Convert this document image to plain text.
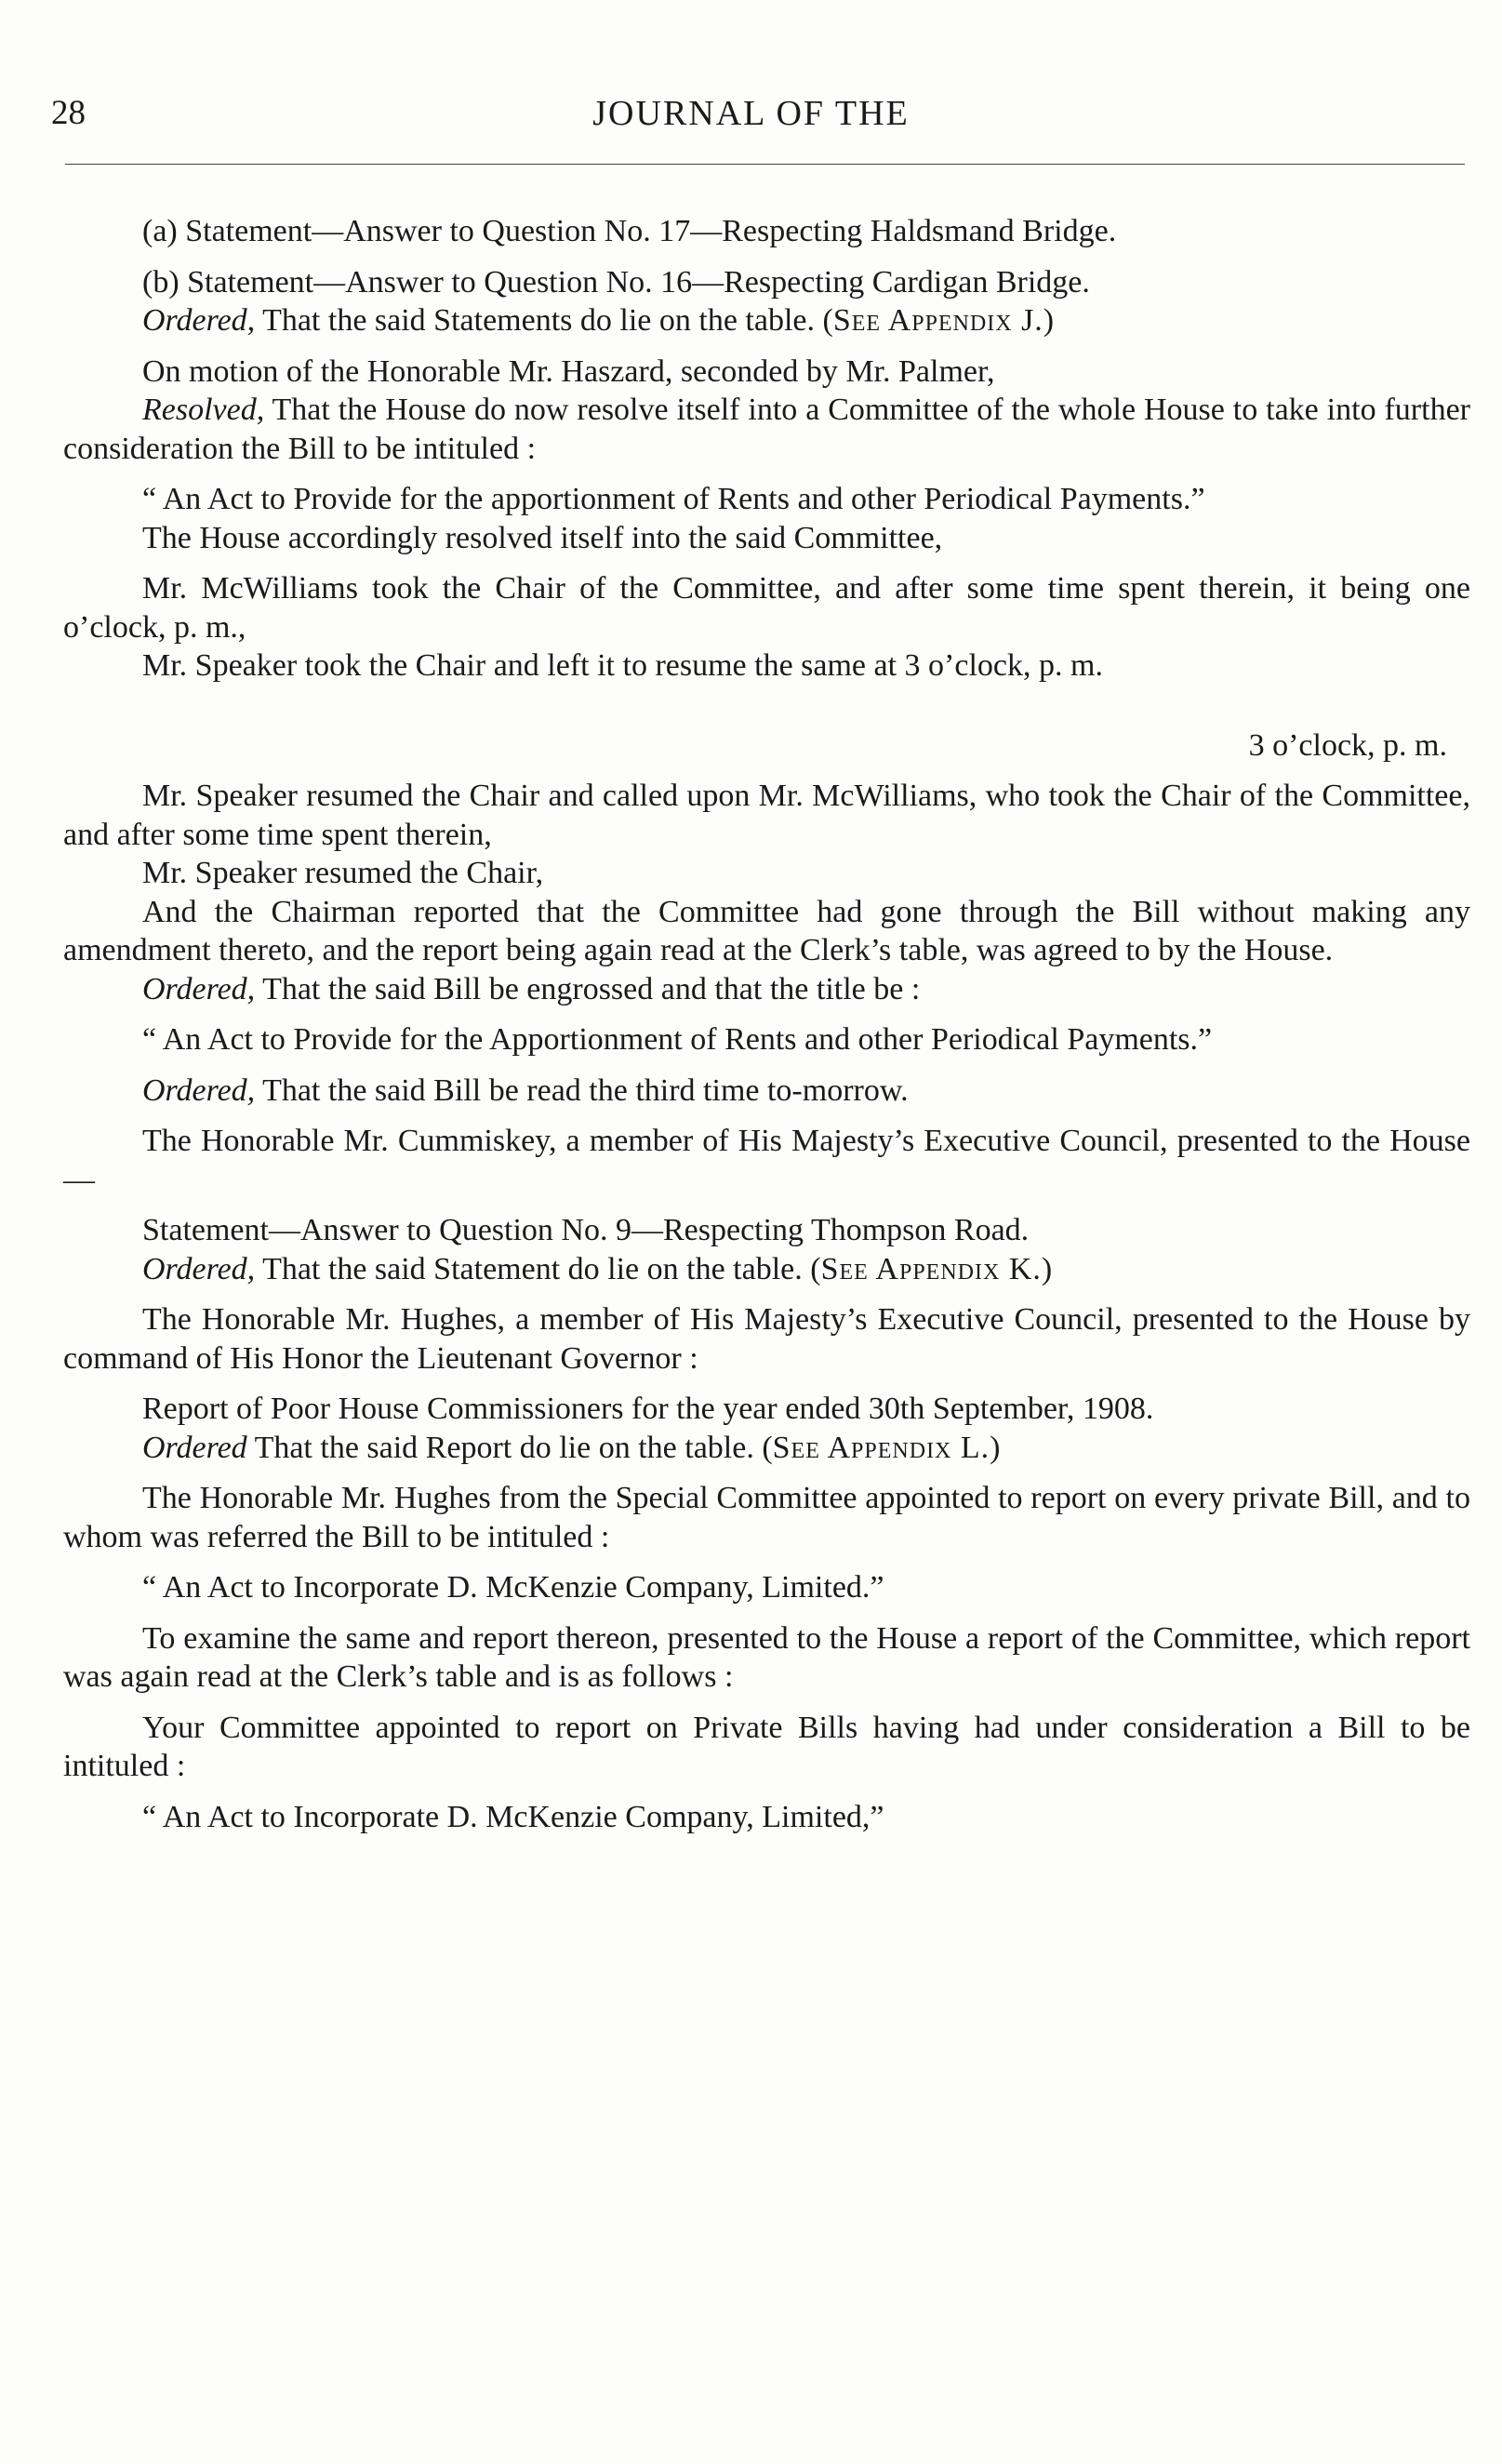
28	JOURNAL OF THE

(a) Statement—Answer to Question No. 17—Respecting Haldsmand Bridge.

(b) Statement—Answer to Question No. 16—Respecting Cardigan Bridge.

Ordered, That the said Statements do lie on the table. (See Appendix J.)

On motion of the Honorable Mr. Haszard, seconded by Mr. Palmer,

Resolved, That the House do now resolve itself into a Committee of the whole House to take into further consideration the Bill to be intituled :

“ An Act to Provide for the apportionment of Rents and other Periodical Payments.”

The House accordingly resolved itself into the said Committee,

Mr. McWilliams took the Chair of the Committee, and after some time spent therein, it being one o’clock, p. m.,

Mr. Speaker took the Chair and left it to resume the same at 3 o’clock, p. m.

3 o’clock, p. m.

Mr. Speaker resumed the Chair and called upon Mr. McWilliams, who took the Chair of the Committee, and after some time spent therein,

Mr. Speaker resumed the Chair,

And the Chairman reported that the Committee had gone through the Bill without making any amendment thereto, and the report being again read at the Clerk’s table, was agreed to by the House.

Ordered, That the said Bill be engrossed and that the title be :

“ An Act to Provide for the Apportionment of Rents and other Periodical Payments.”

Ordered, That the said Bill be read the third time to-morrow.

The Honorable Mr. Cummiskey, a member of His Majesty’s Executive Council, presented to the House—

Statement—Answer to Question No. 9—Respecting Thompson Road.

Ordered, That the said Statement do lie on the table. (See Appendix K.)

The Honorable Mr. Hughes, a member of His Majesty’s Executive Council, presented to the House by command of His Honor the Lieutenant Governor :

Report of Poor House Commissioners for the year ended 30th September, 1908.

Ordered That the said Report do lie on the table. (See Appendix L.)

The Honorable Mr. Hughes from the Special Committee appointed to report on every private Bill, and to whom was referred the Bill to be intituled :

“ An Act to Incorporate D. McKenzie Company, Limited.”

To examine the same and report thereon, presented to the House a report of the Committee, which report was again read at the Clerk’s table and is as follows :

Your Committee appointed to report on Private Bills having had under consideration a Bill to be intituled :

“ An Act to Incorporate D. McKenzie Company, Limited,”
